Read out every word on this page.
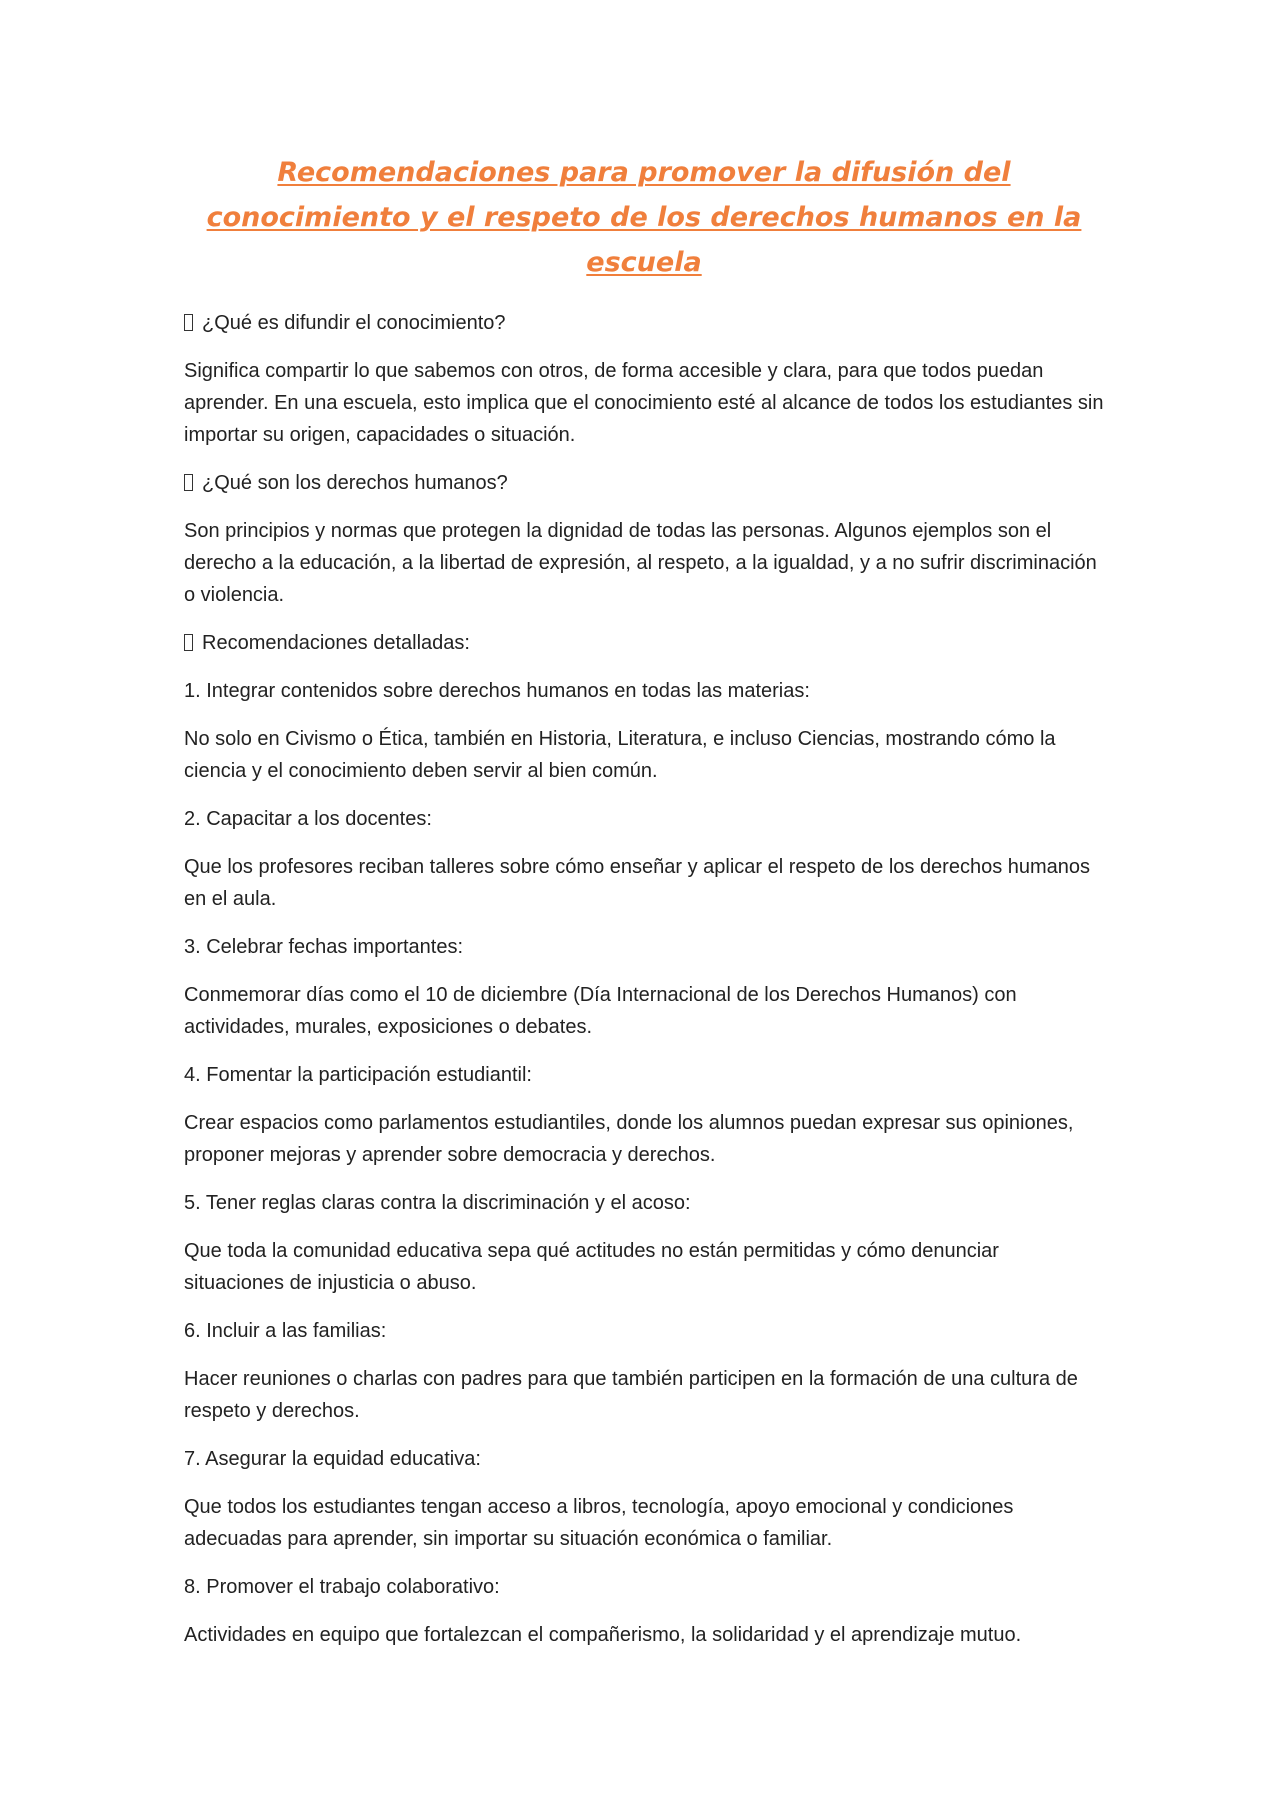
Recomendaciones para promover la difusión del conocimiento y el respeto de los derechos humanos en la escuela

¿Qué es difundir el conocimiento?

Significa compartir lo que sabemos con otros, de forma accesible y clara, para que todos puedan aprender. En una escuela, esto implica que el conocimiento esté al alcance de todos los estudiantes sin importar su origen, capacidades o situación.

¿Qué son los derechos humanos?

Son principios y normas que protegen la dignidad de todas las personas. Algunos ejemplos son el derecho a la educación, a la libertad de expresión, al respeto, a la igualdad, y a no sufrir discriminación o violencia.

Recomendaciones detalladas:

1. Integrar contenidos sobre derechos humanos en todas las materias:

No solo en Civismo o Ética, también en Historia, Literatura, e incluso Ciencias, mostrando cómo la ciencia y el conocimiento deben servir al bien común.

2. Capacitar a los docentes:

Que los profesores reciban talleres sobre cómo enseñar y aplicar el respeto de los derechos humanos en el aula.

3. Celebrar fechas importantes:

Conmemorar días como el 10 de diciembre (Día Internacional de los Derechos Humanos) con actividades, murales, exposiciones o debates.

4. Fomentar la participación estudiantil:

Crear espacios como parlamentos estudiantiles, donde los alumnos puedan expresar sus opiniones, proponer mejoras y aprender sobre democracia y derechos.

5. Tener reglas claras contra la discriminación y el acoso:

Que toda la comunidad educativa sepa qué actitudes no están permitidas y cómo denunciar situaciones de injusticia o abuso.

6. Incluir a las familias:

Hacer reuniones o charlas con padres para que también participen en la formación de una cultura de respeto y derechos.

7. Asegurar la equidad educativa:

Que todos los estudiantes tengan acceso a libros, tecnología, apoyo emocional y condiciones adecuadas para aprender, sin importar su situación económica o familiar.

8. Promover el trabajo colaborativo:

Actividades en equipo que fortalezcan el compañerismo, la solidaridad y el aprendizaje mutuo.
